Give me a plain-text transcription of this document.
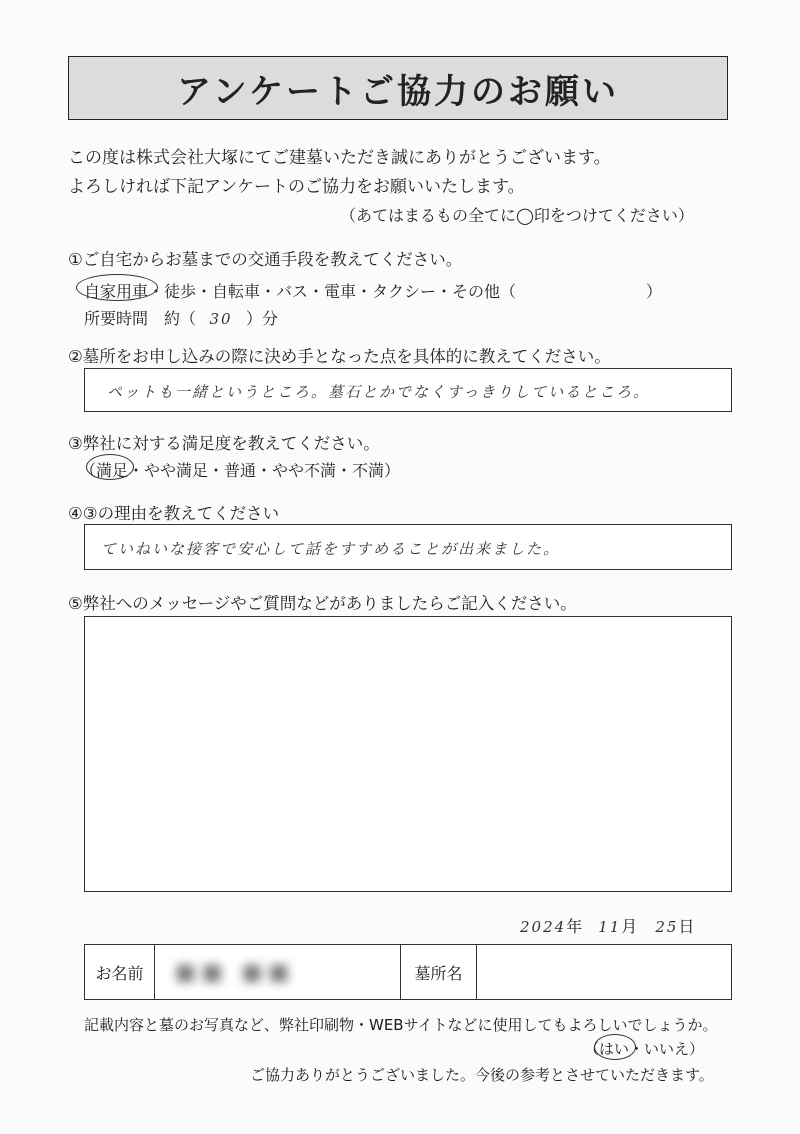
アンケートご協力のお願い
この度は株式会社大塚にてご建墓いただき誠にありがとうございます。
よろしければ下記アンケートのご協力をお願いいたします。
（あてはまるもの全てに◯印をつけてください）
①ご自宅からお墓までの交通手段を教えてください。
自家用車・徒歩・自転車・バス・電車・タクシー・その他（	）
所要時間　約（ 30 ）分
②墓所をお申し込みの際に決め手となった点を具体的に教えてください。
ペットも一緒というところ。墓石とかでなくすっきりしているところ。
③弊社に対する満足度を教えてください。
（満足・やや満足・普通・やや不満・不満）
④③の理由を教えてください
ていねいな接客で安心して話をすすめることが出来ました。
⑤弊社へのメッセージやご質問などがありましたらご記入ください。
2024年 11月 25日
お名前 ■■ ■■	墓所名
記載内容と墓のお写真など、弊社印刷物・WEBサイトなどに使用してもよろしいでしょうか。
（はい・いいえ）
ご協力ありがとうございました。今後の参考とさせていただきます。
